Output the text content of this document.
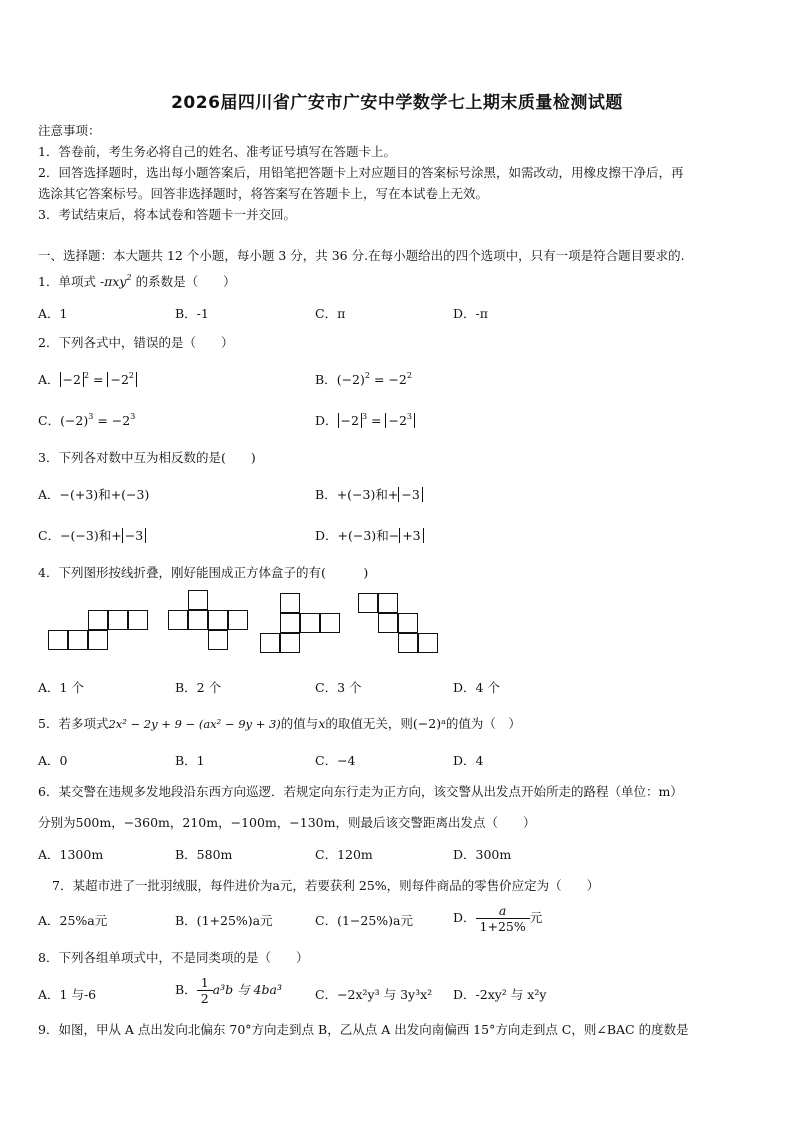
2026届四川省广安市广安中学数学七上期末质量检测试题
注意事项：
1．答卷前，考生务必将自己的姓名、准考证号填写在答题卡上。
2．回答选择题时，选出每小题答案后，用铅笔把答题卡上对应题目的答案标号涂黑，如需改动，用橡皮擦干净后，再
选涂其它答案标号。回答非选择题时，将答案写在答题卡上，写在本试卷上无效。
3．考试结束后，将本试卷和答题卡一并交回。
一、选择题：本大题共 12 个小题，每小题 3 分，共 36 分.在每小题给出的四个选项中，只有一项是符合题目要求的.
1．单项式 -πxy$^2$ 的系数是（　　）
A．1	B．-1	C．π	D．-π
2．下列各式中，错误的是（　　）
A． −2 $^2 = -2^2$	B．$(-2)^2 = -2^2$
C．$(-2)^3 = -2^3$	D． −2 $^3 = -2^3$
3．下列各对数中互为相反数的是(　　)
A．−(+3)和+(−3)	B．+(−3)和+ −3
C．−(−3)和+ −3	D．+(−3)和− +3
4．下列图形按线折叠，刚好能围成正方体盒子的有(　　　)
A．1 个	B．2 个	C．3 个	D．4 个
5．若多项式2x² − 2y + 9 − (ax² − 9y + 3)的值与x的取值无关，则(−2)ᵃ的值为（　）
A．0	B．1	C．−4	D．4
6．某交警在违规多发地段沿东西方向巡逻．若规定向东行走为正方向，该交警从出发点开始所走的路程（单位：m）
分别为500m，−360m，210m，−100m，−130m，则最后该交警距离出发点（　　）
A．1300m	B．580m	C．120m	D．300m
7．某超市进了一批羽绒服，每件进价为a元，若要获利 25%，则每件商品的零售价应定为（　　）
A．25%a元	B．(1+25%)a元	C．(1−25%)a元	D． $\frac{a}{1+25\%}$ 元
8．下列各组单项式中，不是同类项的是（　　）
A．1 与-6	B． $\frac{1}{2} a^3b$ 与 4ba³	C．−2x²y³ 与 3y³x² D．-2xy² 与 x²y
9．如图，甲从 A 点出发向北偏东 70°方向走到点 B，乙从点 A 出发向南偏西 15°方向走到点 C，则∠BAC 的度数是
